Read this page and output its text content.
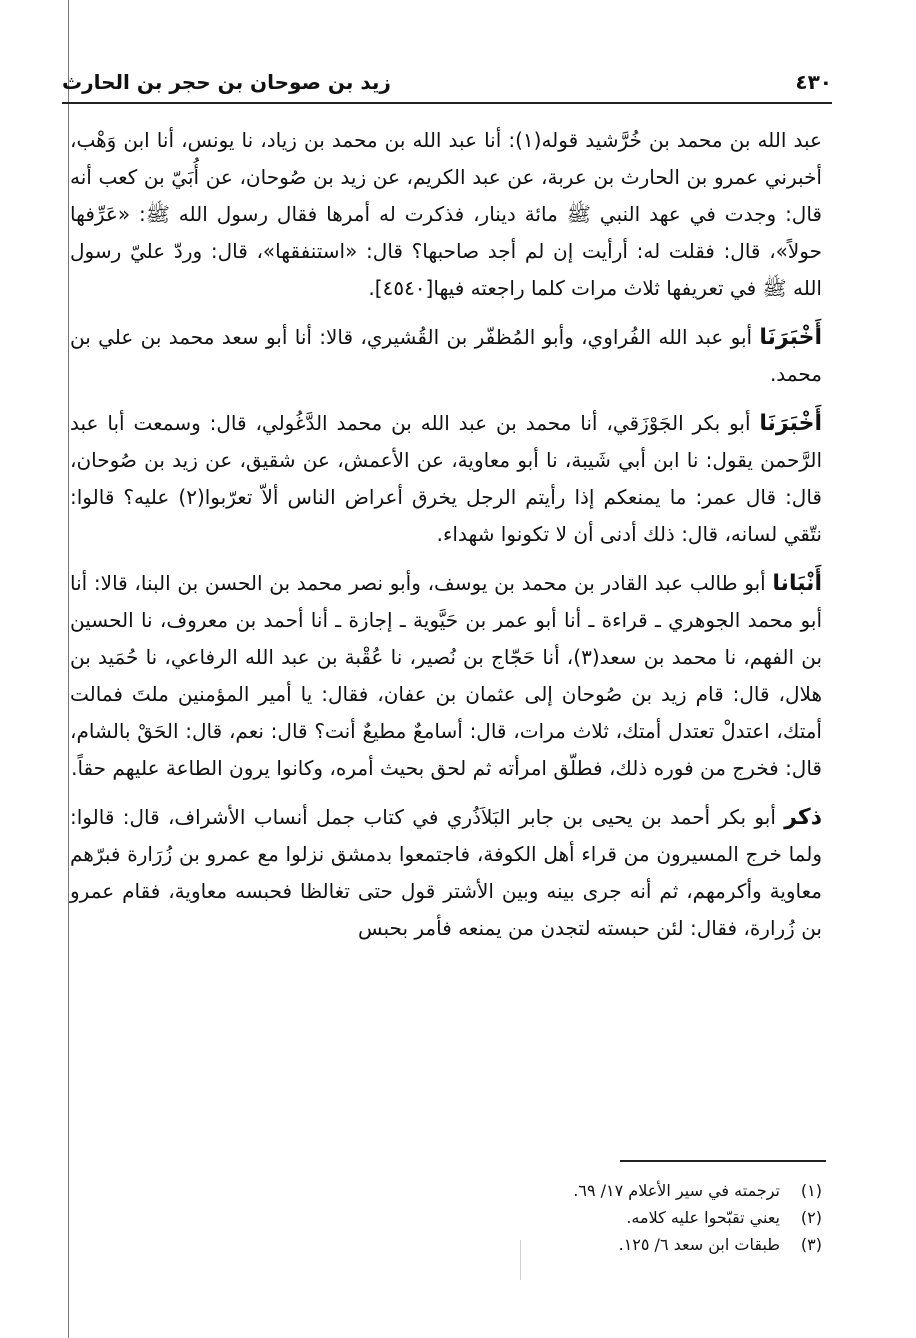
٤٣٠
زيد بن صوحان بن حجر بن الحارث

عبد الله بن محمد بن خُرَّشيد قوله(١): أنا عبد الله بن محمد بن زياد، نا يونس، أنا ابن وَهْب، أخبرني عمرو بن الحارث بن عربة، عن عبد الكريم، عن زيد بن صُوحان، عن أُبَيّ بن كعب أنه قال: وجدت في عهد النبي ﷺ مائة دينار، فذكرت له أمرها فقال رسول الله ﷺ: «عَرِّفها حولاً»، قال: فقلت له: أرأيت إن لم أجد صاحبها؟ قال: «استنفقها»، قال: وردّ عليّ رسول الله ﷺ في تعريفها ثلاث مرات كلما راجعته فيها[٤٥٤٠].

أَخْبَرَنَا أبو عبد الله الفُراوي، وأبو المُظفّر بن القُشيري، قالا: أنا أبو سعد محمد بن علي بن محمد.

أَخْبَرَنَا أبو بكر الجَوْزَقي، أنا محمد بن عبد الله بن محمد الدَّغُولي، قال: وسمعت أبا عبد الرَّحمن يقول: نا ابن أبي شَيبة، نا أبو معاوية، عن الأعمش، عن شقيق، عن زيد بن صُوحان، قال: قال عمر: ما يمنعكم إذا رأيتم الرجل يخرق أعراض الناس ألاّ تعرّبوا(٢) عليه؟ قالوا: نتّقي لسانه، قال: ذلك أدنى أن لا تكونوا شهداء.

أَنْبَانا أبو طالب عبد القادر بن محمد بن يوسف، وأبو نصر محمد بن الحسن بن البنا، قالا: أنا أبو محمد الجوهري ـ قراءة ـ أنا أبو عمر بن حَيَّوية ـ إجازة ـ أنا أحمد بن معروف، نا الحسين بن الفهم، نا محمد بن سعد(٣)، أنا حَجّاج بن نُصير، نا عُقْبة بن عبد الله الرفاعي، نا حُمَيد بن هلال، قال: قام زيد بن صُوحان إلى عثمان بن عفان، فقال: يا أمير المؤمنين ملتَ فمالت أمتك، اعتدلْ تعتدل أمتك، ثلاث مرات، قال: أسامعٌ مطيعٌ أنت؟ قال: نعم، قال: الحَقْ بالشام، قال: فخرج من فوره ذلك، فطلّق امرأته ثم لحق بحيث أمره، وكانوا يرون الطاعة عليهم حقاً.

ذكر أبو بكر أحمد بن يحيى بن جابر البَلاَذُري في كتاب جمل أنساب الأشراف، قال: قالوا: ولما خرج المسيرون من قراء أهل الكوفة، فاجتمعوا بدمشق نزلوا مع عمرو بن زُرَارة فبرّهم معاوية وأكرمهم، ثم أنه جرى بينه وبين الأشتر قول حتى تغالظا فحبسه معاوية، فقام عمرو بن زُرارة، فقال: لئن حبسته لتجدن من يمنعه فأمر بحبس

(١)
ترجمته في سير الأعلام ١٧/ ٦٩.
(٢)
يعني تقبّحوا عليه كلامه.
(٣)
طبقات ابن سعد ٦/ ١٢٥.
